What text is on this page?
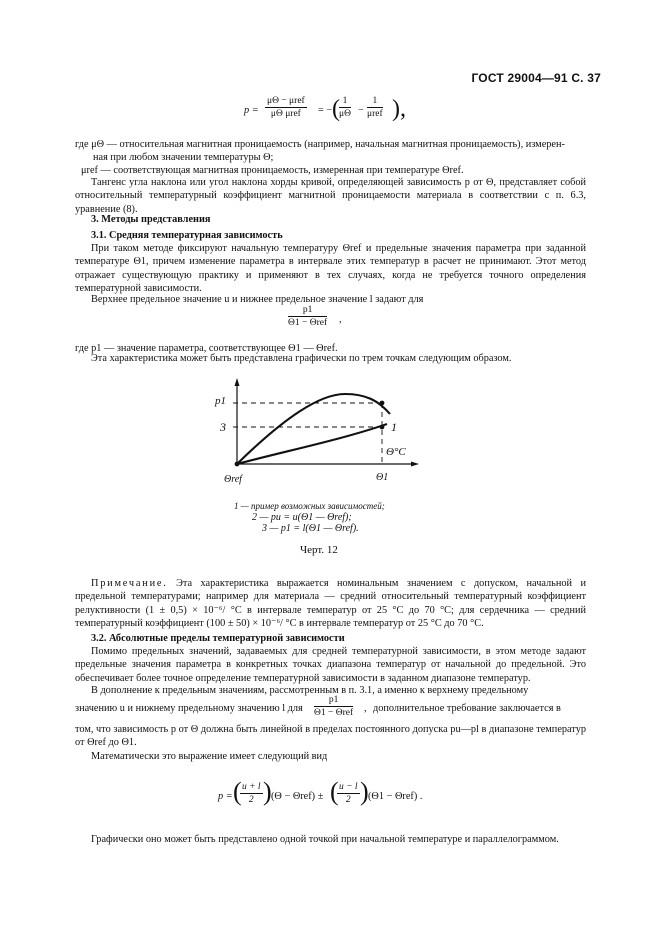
ГОСТ 29004—91 С. 37
p =
μΘ − μref
μΘ μref	= − ( $\frac{1}{\mu\Theta}$ −
1
μref ),
где μΘ — относительная магнитная проницаемость (например, начальная магнитная проницаемость), измерен-
ная при любом значении температуры Θ;
μref — соответствующая магнитная проницаемость, измеренная при температуре Θref.
Тангенс угла наклона или угол наклона хорды кривой, определяющей зависимость p от Θ, представляет собой относительный температурный коэффициент магнитной проницаемости материала в соответствии с п. 6.3, уравнение (8).
3. Методы представления
3.1. Средняя температурная зависимость
При таком методе фиксируют начальную температуру Θref и предельные значения параметра при заданной температуре Θ1, причем изменение параметра в интервале этих температур в расчет не принимают. Этот метод отражает существующую практику и применяют в тех случаях, когда не требуется точного определения температурной зависимости.
Верхнее предельное значение u и нижнее предельное значение l задают для
p1
Θ1 − Θref ,
где p1 — значение параметра, соответствующее Θ1 — Θref.
Эта характеристика может быть представлена графически по трем точкам следующим образом.
p1
3	1
Θ°C
Θref	Θ1
1 — пример возможных зависимостей;
2 — pu = u(Θ1 — Θref);
3 — p1 = l(Θ1 — Θref).
Черт. 12
Примечание. Эта характеристика выражается номинальным значением с допуском, начальной и предельной температурами; например для материала — средний относительный температурный коэффициент релуктивности (1 ± 0,5) × 10⁻⁶/ °С в интервале температур от 25 °С до 70 °С; для сердечника — средний температурный коэффициент (100 ± 50) × 10⁻⁶/ °С в интервале температур от 25 °С до 70 °С.
3.2. Абсолютные пределы температурной зависимости
Помимо предельных значений, задаваемых для средней температурной зависимости, в этом методе задают предельные значения параметра в конкретных точках диапазона температур от начальной до предельной. Это обеспечивает более точное определение температурной зависимости в заданном диапазоне температур.
В дополнение к предельным значениям, рассмотренным в п. 3.1, а именно к верхнему предельному
значению u и нижнему предельному значению l для
p1
Θ1 − Θref , дополнительное требование заключается в
том, что зависимость p от Θ должна быть линейной в пределах постоянного допуска pu—pl в диапазоне температур от Θref до Θ1.
Математически это выражение имеет следующий вид
p = (
$\frac{u + l}{2}$ ) (Θ − Θref) ± (
$\frac{u - l}{2}$ ) (Θ1 − Θref) .
Графически оно может быть представлено одной точкой при начальной температуре и параллелограммом.
